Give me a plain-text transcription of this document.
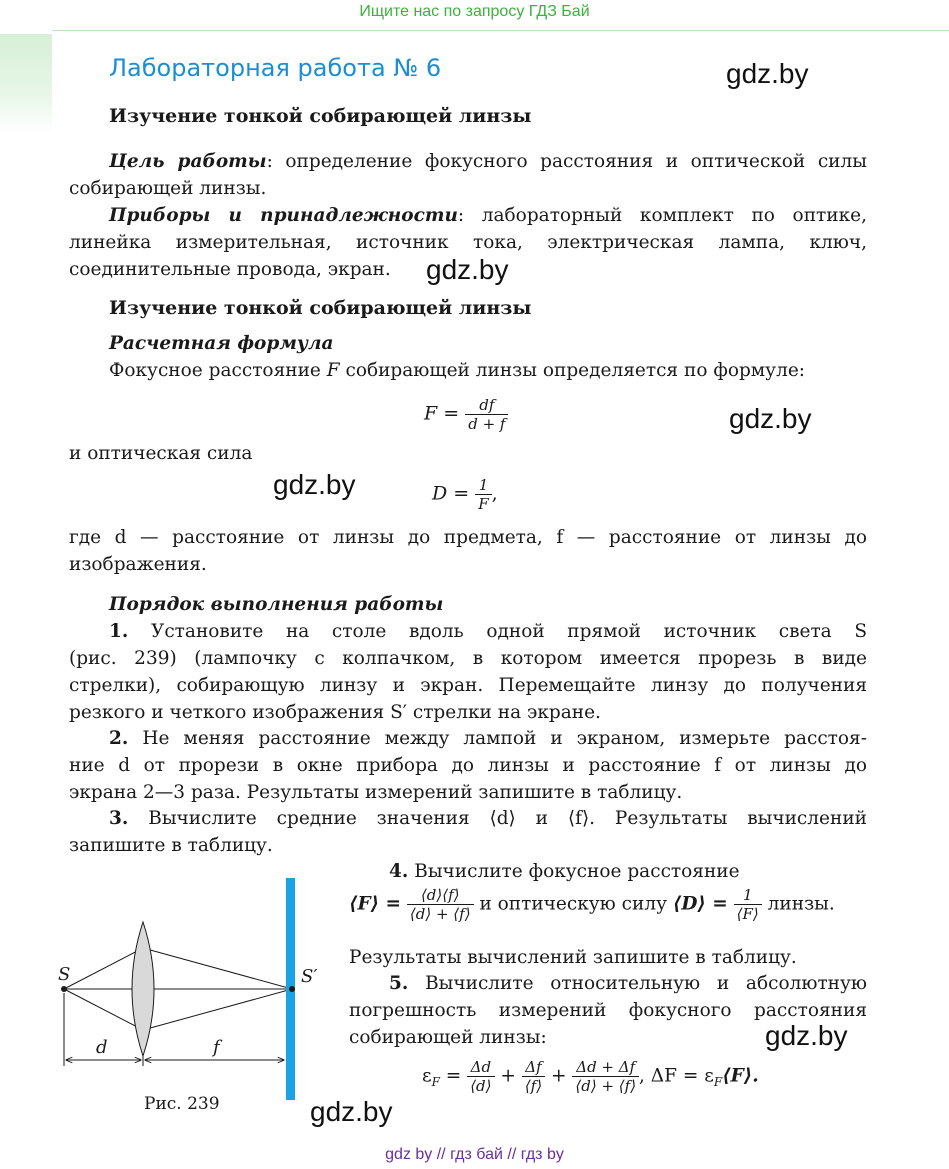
Ищите нас по запросу ГДЗ Бай
Лабораторная работа № 6	gdz.by
Изучение тонкой собирающей линзы
Цель работы: определение фокусного расстояния и оптической силы
собирающей линзы.
Приборы и принадлежности: лабораторный комплект по оптике,
линейка измерительная, источник тока, электрическая лампа, ключ,
соединительные провода, экран. gdz.by
Изучение тонкой собирающей линзы
Расчетная формула
Фокусное расстояние F собирающей линзы определяется по формуле:
$F = \frac{df}{d + f}$	gdz.by
и оптическая сила
gdz.by	$D = \frac{1}{F}$ ,
где d — расстояние от линзы до предмета, f — расстояние от линзы до
изображения.
Порядок выполнения работы
1. Установите на столе вдоль одной прямой источник света S
(рис. 239) (лампочку с колпачком, в котором имеется прорезь в виде
стрелки), собирающую линзу и экран. Перемещайте линзу до получения
резкого и четкого изображения S′ стрелки на экране.
2. Не меняя расстояние между лампой и экраном, измерьте расстоя-
ние d от прорези в окне прибора до линзы и расстояние f от линзы до
экрана 2—3 раза. Результаты измерений запишите в таблицу.
3. Вычислите средние значения ⟨d⟩ и ⟨f⟩. Результаты вычислений
запишите в таблицу.
4. Вычислите фокусное расстояние
⟨F⟩ = $\frac{⟨d⟩⟨f⟩}{⟨d⟩ + ⟨f⟩}$ и оптическую силу ⟨D⟩ = $\frac{1}{⟨F⟩}$ линзы.
Результаты вычислений запишите в таблицу.
5. Вычислите относительную и абсолютную
погрешность измерений фокусного расстояния
собирающей линзы:	gdz.by
$\varepsilon_F = \frac{\Delta d}{⟨d⟩} + \frac{\Delta f}{⟨f⟩} + \frac{\Delta d + \Delta f}{⟨d⟩ + ⟨f⟩}$ , $\Delta F = \varepsilon_F⟨F⟩$.
S	S′
d	f
Рис. 239	gdz.by
gdz by // гдз бай // гдз by
